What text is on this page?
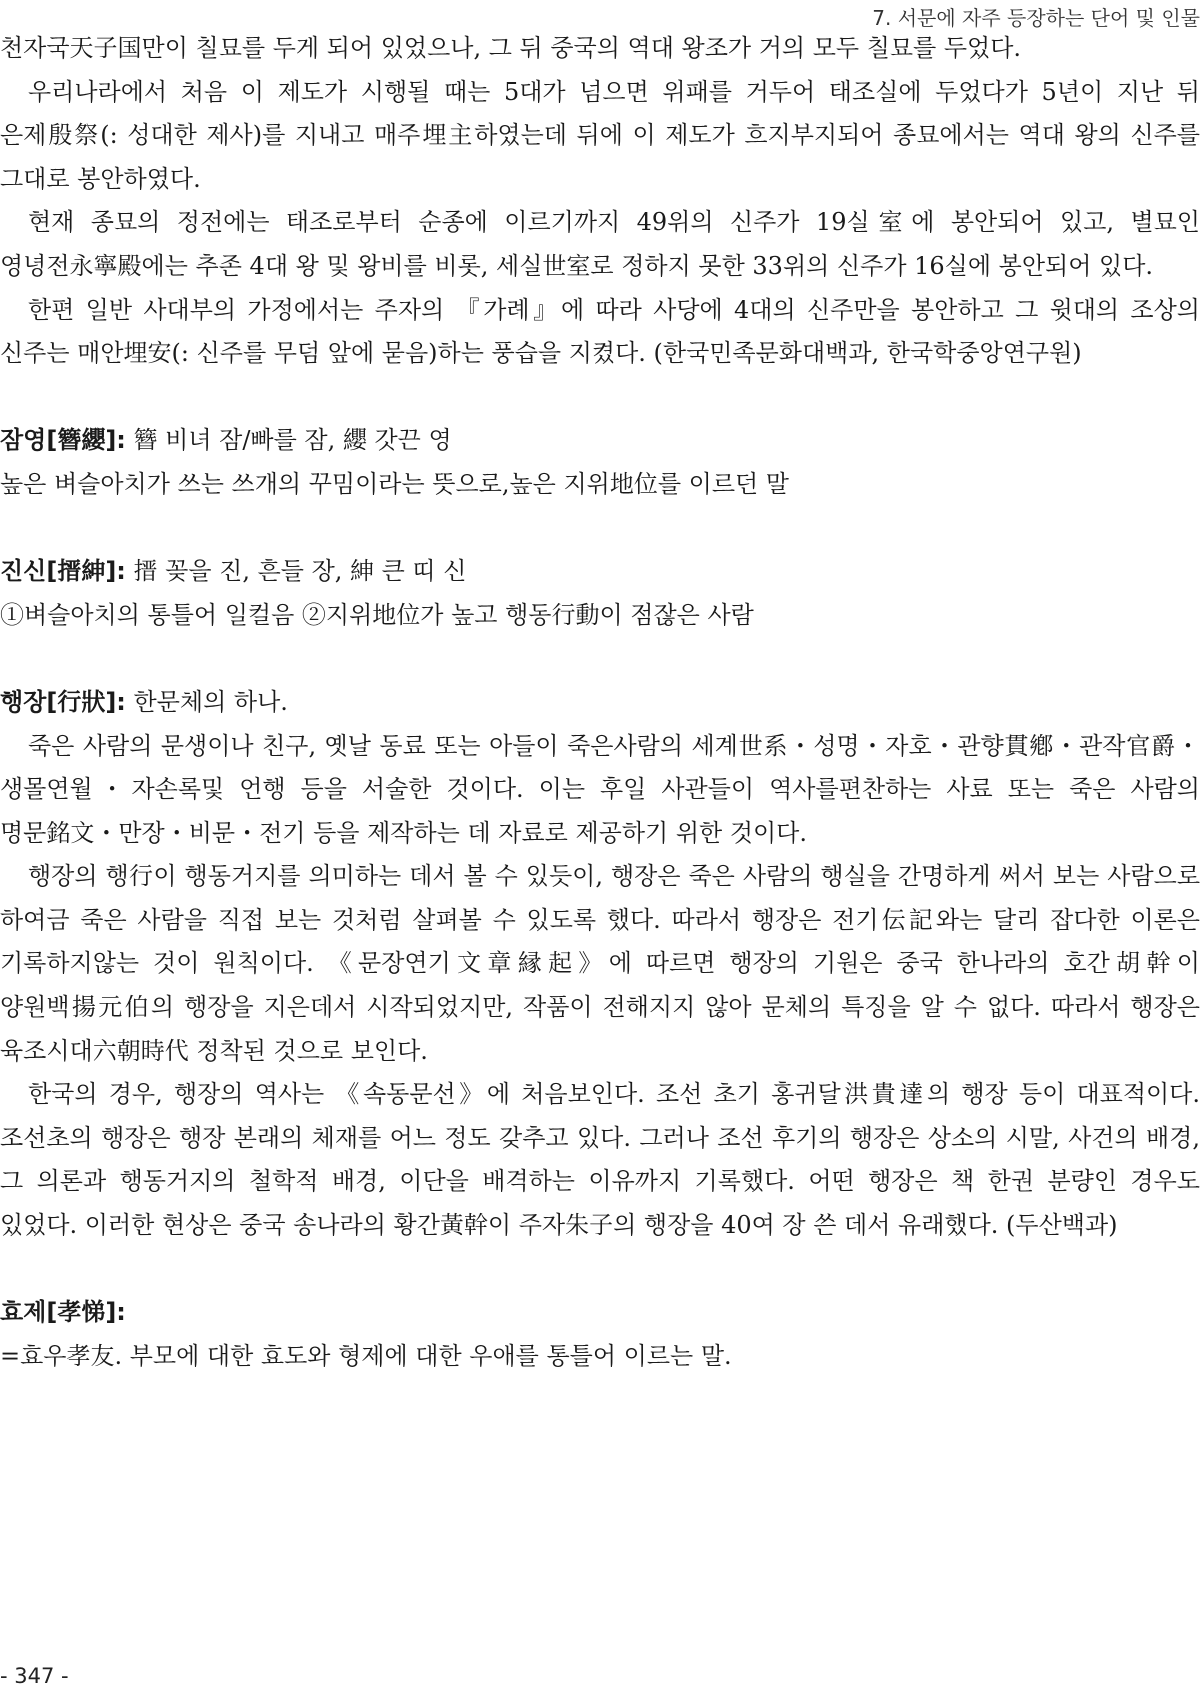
7. 서문에 자주 등장하는 단어 및 인물

천자국天子国만이 칠묘를 두게 되어 있었으나, 그 뒤 중국의 역대 왕조가 거의 모두 칠묘를 두었다.

우리나라에서 처음 이 제도가 시행될 때는 5대가 넘으면 위패를 거두어 태조실에 두었다가 5년이 지난 뒤 은제殷祭(: 성대한 제사)를 지내고 매주埋主하였는데 뒤에 이 제도가 흐지부지되어 종묘에서는 역대 왕의 신주를 그대로 봉안하였다.

현재 종묘의 정전에는 태조로부터 순종에 이르기까지 49위의 신주가 19실室에 봉안되어 있고, 별묘인 영녕전永寧殿에는 추존 4대 왕 및 왕비를 비롯, 세실世室로 정하지 못한 33위의 신주가 16실에 봉안되어 있다.

한편 일반 사대부의 가정에서는 주자의 『가례』에 따라 사당에 4대의 신주만을 봉안하고 그 윗대의 조상의 신주는 매안埋安(: 신주를 무덤 앞에 묻음)하는 풍습을 지켰다. (한국민족문화대백과, 한국학중앙연구원)

잠영[簪纓]: 簪 비녀 잠/빠를 잠, 纓 갓끈 영

높은 벼슬아치가 쓰는 쓰개의 꾸밈이라는 뜻으로,높은 지위地位를 이르던 말

진신[搢紳]: 搢 꽂을 진, 흔들 장, 紳 큰 띠 신

①벼슬아치의 통틀어 일컬음 ②지위地位가 높고 행동行動이 점잖은 사람

행장[行狀]: 한문체의 하나.

죽은 사람의 문생이나 친구, 옛날 동료 또는 아들이 죽은사람의 세계世系・성명・자호・관향貫鄕・관작官爵・생몰연월・자손록및 언행 등을 서술한 것이다. 이는 후일 사관들이 역사를편찬하는 사료 또는 죽은 사람의 명문銘文・만장・비문・전기 등을 제작하는 데 자료로 제공하기 위한 것이다.

행장의 행行이 행동거지를 의미하는 데서 볼 수 있듯이, 행장은 죽은 사람의 행실을 간명하게 써서 보는 사람으로 하여금 죽은 사람을 직접 보는 것처럼 살펴볼 수 있도록 했다. 따라서 행장은 전기伝記와는 달리 잡다한 이론은 기록하지않는 것이 원칙이다. 《문장연기文章縁起》에 따르면 행장의 기원은 중국 한나라의 호간胡幹이 양원백揚元伯의 행장을 지은데서 시작되었지만, 작품이 전해지지 않아 문체의 특징을 알 수 없다. 따라서 행장은 육조시대六朝時代 정착된 것으로 보인다.

한국의 경우, 행장의 역사는 《속동문선》에 처음보인다. 조선 초기 홍귀달洪貴達의 행장 등이 대표적이다. 조선초의 행장은 행장 본래의 체재를 어느 정도 갖추고 있다. 그러나 조선 후기의 행장은 상소의 시말, 사건의 배경, 그 의론과 행동거지의 철학적 배경, 이단을 배격하는 이유까지 기록했다. 어떤 행장은 책 한권 분량인 경우도 있었다. 이러한 현상은 중국 송나라의 황간黃幹이 주자朱子의 행장을 40여 장 쓴 데서 유래했다. (두산백과)

효제[孝悌]:

=효우孝友. 부모에 대한 효도와 형제에 대한 우애를 통틀어 이르는 말.

- 347 -
